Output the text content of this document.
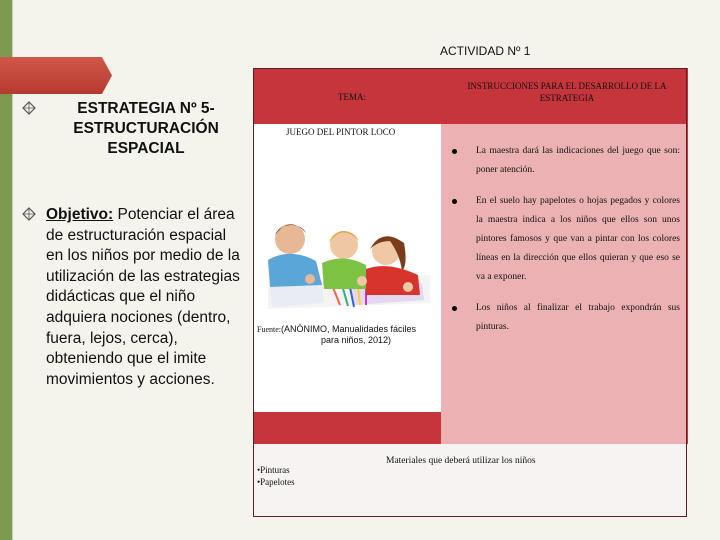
ACTIVIDAD Nº 1
ESTRATEGIA Nº 5-
ESTRUCTURACIÓN
ESPACIAL
Objetivo: Potenciar el área de estructuración espacial en los niños por medio de la utilización de las estrategias didácticas que el niño adquiera nociones (dentro, fuera, lejos, cerca), obteniendo que el imite movimientos y acciones.
TEMA:
INSTRUCCIONES PARA EL DESARROLLO DE LA ESTRATEGIA
JUEGO DEL PINTOR LOCO
La maestra dará las indicaciones del juego que son: poner atención.
En el suelo hay papelotes o hojas pegados y colores la maestra indica a los niños que ellos son unos pintores famosos y que van a pintar con los colores líneas en la dirección que ellos quieran y que eso se va a exponer.
Los niños al finalizar el trabajo expondrán sus pinturas.
Fuente:(ANÓNIMO, Manualidades fáciles
para niños, 2012)
Materiales que deberá utilizar los niños
•Pinturas
•Papelotes
